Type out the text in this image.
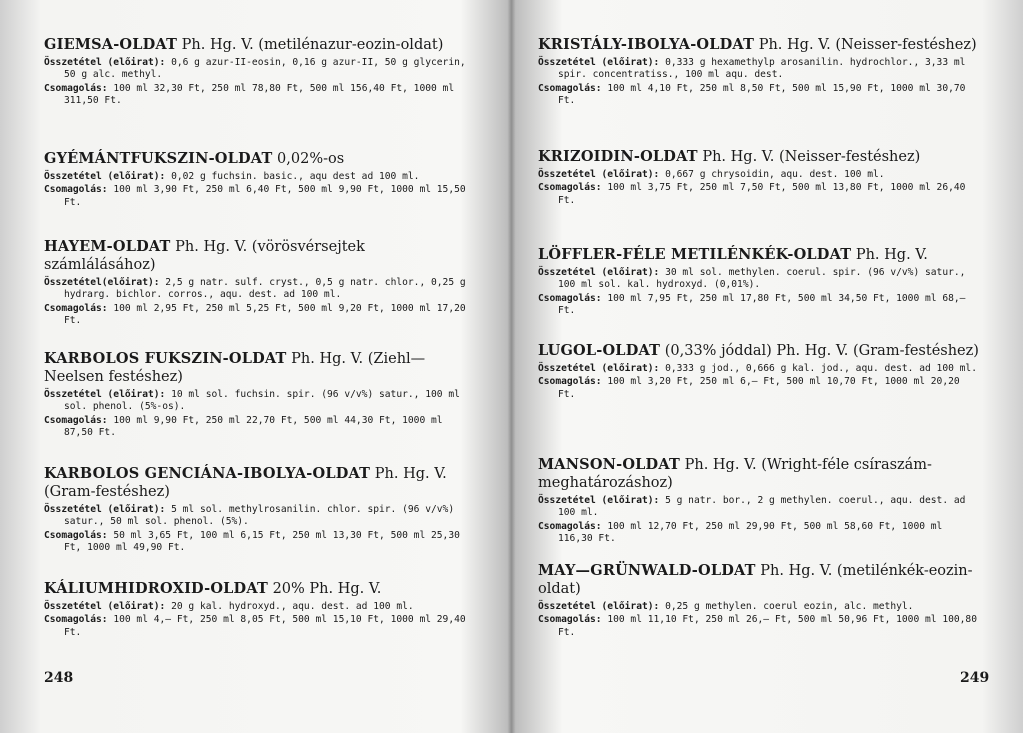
GIEMSA-OLDAT Ph. Hg. V. (metilénazur-eozin-oldat)
Összetétel (előirat): 0,6 g azur-II-eosin, 0,16 g azur-II, 50 g glycerin, 50 g alc. methyl.
Csomagolás: 100 ml 32,30 Ft, 250 ml 78,80 Ft, 500 ml 156,40 Ft, 1000 ml 311,50 Ft.
GYÉMÁNTFUKSZIN-OLDAT 0,02%-os
Összetétel (előirat): 0,02 g fuchsin. basic., aqu dest ad 100 ml.
Csomagolás: 100 ml 3,90 Ft, 250 ml 6,40 Ft, 500 ml 9,90 Ft, 1000 ml 15,50 Ft.
HAYEM-OLDAT Ph. Hg. V. (vörösvérsejtek számlálásához)
Összetétel(előirat): 2,5 g natr. sulf. cryst., 0,5 g natr. chlor., 0,25 g hydrarg. bichlor. corros., aqu. dest. ad 100 ml.
Csomagolás: 100 ml 2,95 Ft, 250 ml 5,25 Ft, 500 ml 9,20 Ft, 1000 ml 17,20 Ft.
KARBOLOS FUKSZIN-OLDAT Ph. Hg. V. (Ziehl—Neelsen festéshez)
Összetétel (előirat): 10 ml sol. fuchsin. spir. (96 v/v%) satur., 100 ml sol. phenol. (5%-os).
Csomagolás: 100 ml 9,90 Ft, 250 ml 22,70 Ft, 500 ml 44,30 Ft, 1000 ml 87,50 Ft.
KARBOLOS GENCIÁNA-IBOLYA-OLDAT Ph. Hg. V. (Gram-festéshez)
Összetétel (előirat): 5 ml sol. methylrosanilin. chlor. spir. (96 v/v%) satur., 50 ml sol. phenol. (5%).
Csomagolás: 50 ml 3,65 Ft, 100 ml 6,15 Ft, 250 ml 13,30 Ft, 500 ml 25,30 Ft, 1000 ml 49,90 Ft.
KÁLIUMHIDROXID-OLDAT 20% Ph. Hg. V.
Összetétel (előirat): 20 g kal. hydroxyd., aqu. dest. ad 100 ml.
Csomagolás: 100 ml 4,— Ft, 250 ml 8,05 Ft, 500 ml 15,10 Ft, 1000 ml 29,40 Ft.
248
KRISTÁLY-IBOLYA-OLDAT Ph. Hg. V. (Neisser-festéshez)
Összetétel (előirat): 0,333 g hexamethylp arosanilin. hydrochlor., 3,33 ml spir. concentratiss., 100 ml aqu. dest.
Csomagolás: 100 ml 4,10 Ft, 250 ml 8,50 Ft, 500 ml 15,90 Ft, 1000 ml 30,70 Ft.
KRIZOIDIN-OLDAT Ph. Hg. V. (Neisser-festéshez)
Összetétel (előirat): 0,667 g chrysoidin, aqu. dest. 100 ml.
Csomagolás: 100 ml 3,75 Ft, 250 ml 7,50 Ft, 500 ml 13,80 Ft, 1000 ml 26,40 Ft.
LÖFFLER-FÉLE METILÉNKÉK-OLDAT Ph. Hg. V.
Összetétel (előirat): 30 ml sol. methylen. coerul. spir. (96 v/v%) satur., 100 ml sol. kal. hydroxyd. (0,01%).
Csomagolás: 100 ml 7,95 Ft, 250 ml 17,80 Ft, 500 ml 34,50 Ft, 1000 ml 68,— Ft.
LUGOL-OLDAT (0,33% jóddal) Ph. Hg. V. (Gram-festéshez)
Összetétel (előirat): 0,333 g jod., 0,666 g kal. jod., aqu. dest. ad 100 ml.
Csomagolás: 100 ml 3,20 Ft, 250 ml 6,— Ft, 500 ml 10,70 Ft, 1000 ml 20,20 Ft.
MANSON-OLDAT Ph. Hg. V. (Wright-féle csíraszám-meghatározáshoz)
Összetétel (előirat): 5 g natr. bor., 2 g methylen. coerul., aqu. dest. ad 100 ml.
Csomagolás: 100 ml 12,70 Ft, 250 ml 29,90 Ft, 500 ml 58,60 Ft, 1000 ml 116,30 Ft.
MAY—GRÜNWALD-OLDAT Ph. Hg. V. (metilénkék-eozin-oldat)
Összetétel (előirat): 0,25 g methylen. coerul eozin, alc. methyl.
Csomagolás: 100 ml 11,10 Ft, 250 ml 26,— Ft, 500 ml 50,96 Ft, 1000 ml 100,80 Ft.
249
